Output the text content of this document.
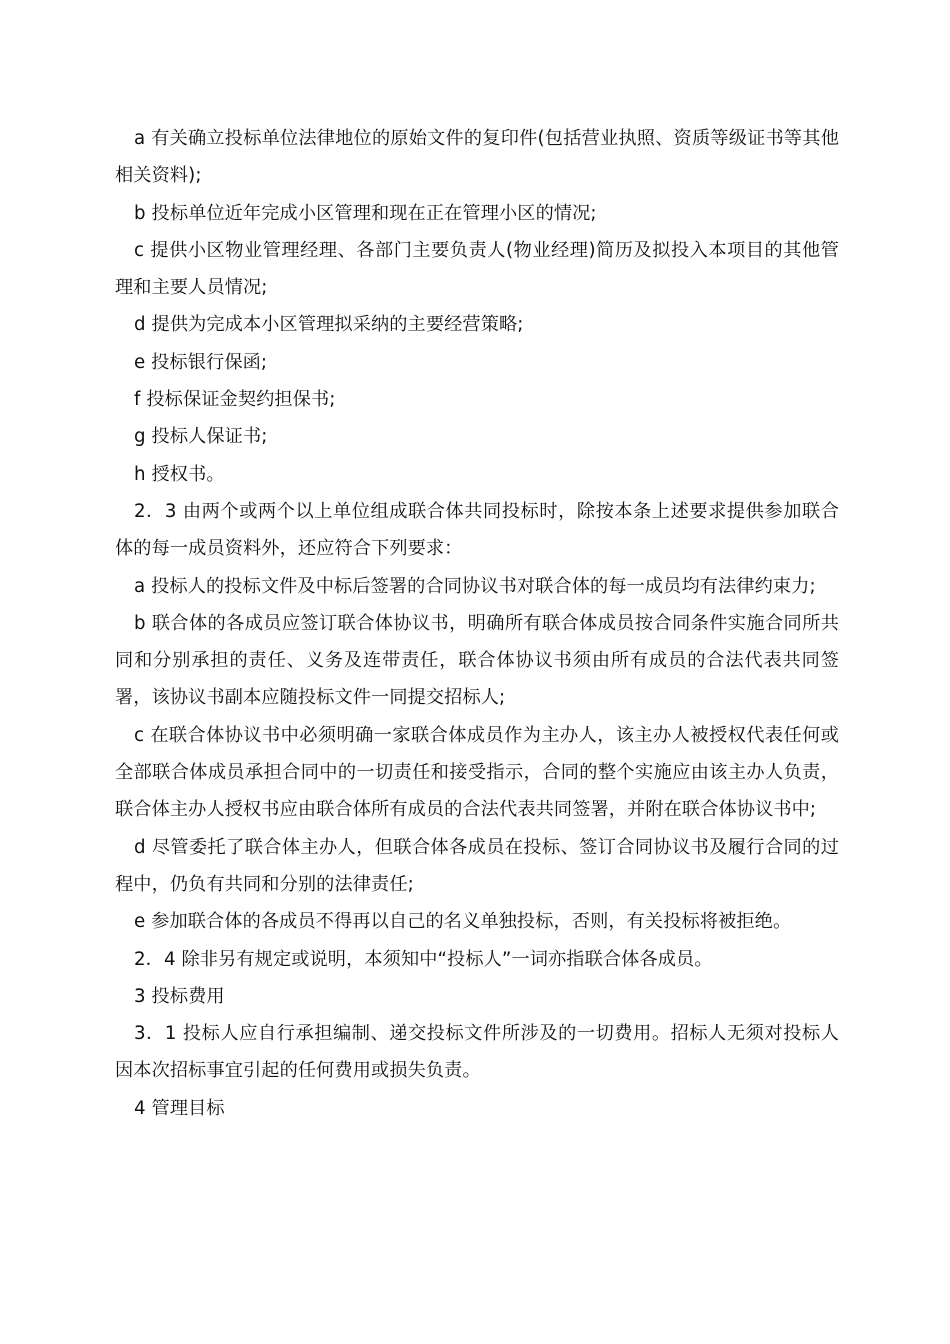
a 有关确立投标单位法律地位的原始文件的复印件(包括营业执照、资质等级证书等其他相关资料);

b 投标单位近年完成小区管理和现在正在管理小区的情况;

c 提供小区物业管理经理、各部门主要负责人(物业经理)简历及拟投入本项目的其他管理和主要人员情况;

d 提供为完成本小区管理拟采纳的主要经营策略;

e 投标银行保函;

f 投标保证金契约担保书;

g 投标人保证书;

h 授权书。

2．3 由两个或两个以上单位组成联合体共同投标时，除按本条上述要求提供参加联合体的每一成员资料外，还应符合下列要求：

a 投标人的投标文件及中标后签署的合同协议书对联合体的每一成员均有法律约束力;

b 联合体的各成员应签订联合体协议书，明确所有联合体成员按合同条件实施合同所共同和分别承担的责任、义务及连带责任，联合体协议书须由所有成员的合法代表共同签署，该协议书副本应随投标文件一同提交招标人;

c 在联合体协议书中必须明确一家联合体成员作为主办人，该主办人被授权代表任何或全部联合体成员承担合同中的一切责任和接受指示，合同的整个实施应由该主办人负责，联合体主办人授权书应由联合体所有成员的合法代表共同签署，并附在联合体协议书中;

d 尽管委托了联合体主办人，但联合体各成员在投标、签订合同协议书及履行合同的过程中，仍负有共同和分别的法律责任;

e 参加联合体的各成员不得再以自己的名义单独投标，否则，有关投标将被拒绝。

2．4 除非另有规定或说明，本须知中“投标人”一词亦指联合体各成员。

3 投标费用

3．1 投标人应自行承担编制、递交投标文件所涉及的一切费用。招标人无须对投标人因本次招标事宜引起的任何费用或损失负责。

4 管理目标
